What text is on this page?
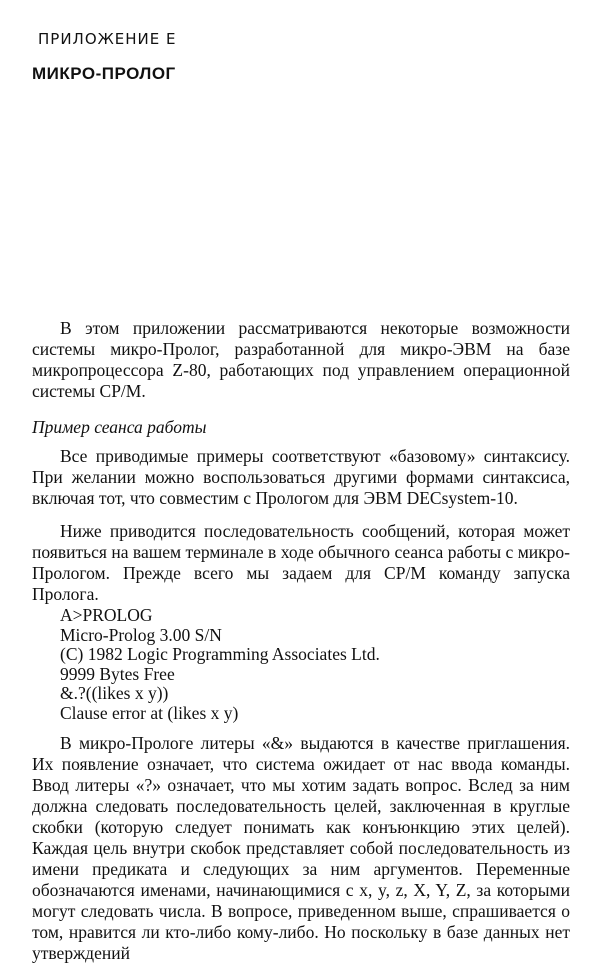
ПРИЛОЖЕНИЕ Е
МИКРО-ПРОЛОГ
В этом приложении рассматриваются некоторые возможности системы микро-Пролог, разработанной для микро-ЭВМ на базе микропроцессора Z-80, работающих под управлением операционной системы СР/М.
Пример сеанса работы
Все приводимые примеры соответствуют «базовому» синтаксису. При желании можно воспользоваться другими формами синтаксиса, включая тот, что совместим с Прологом для ЭВМ DECsystem-10.
Ниже приводится последовательность сообщений, которая может появиться на вашем терминале в ходе обычного сеанса работы с микро-Прологом. Прежде всего мы задаем для СР/М команду запуска Пролога.
A>PROLOG
Micro-Prolog 3.00 S/N
(C) 1982 Logic Programming Associates Ltd.
9999 Bytes Free
&.?((likes x y))
Clause error at (likes x y)
В микро-Прологе литеры «&» выдаются в качестве приглашения. Их появление означает, что система ожидает от нас ввода команды. Ввод литеры «?» означает, что мы хотим задать вопрос. Вслед за ним должна следовать последовательность целей, заключенная в круглые скобки (которую следует понимать как конъюнкцию этих целей). Каждая цель внутри скобок представляет собой последовательность из имени предиката и следующих за ним аргументов. Переменные обозначаются именами, начинающимися с x, y, z, X, Y, Z, за которыми могут следовать числа. В вопросе, приведенном выше, спрашивается о том, нравится ли кто-либо кому-либо. Но поскольку в базе данных нет утверждений
